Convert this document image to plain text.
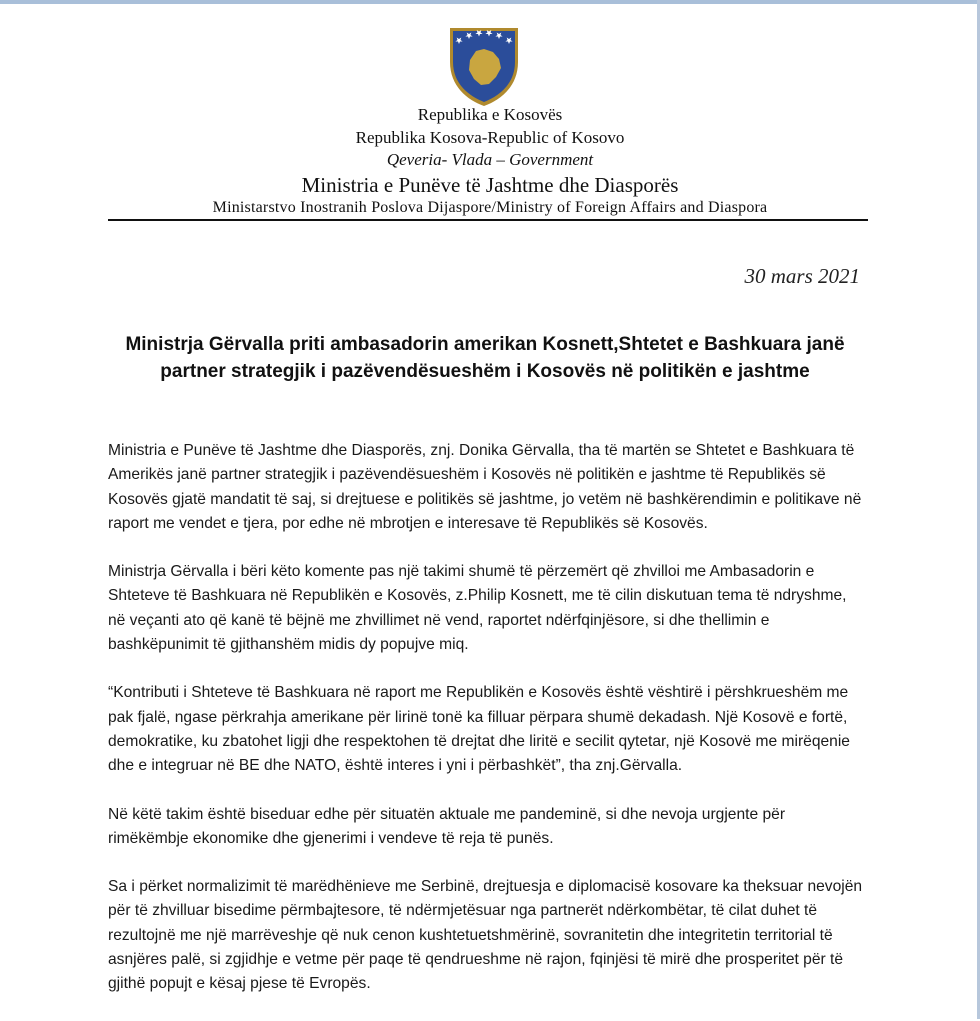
Republika e Kosovës
Republika Kosova-Republic of Kosovo
Qeveria- Vlada – Government
Ministria e Punëve të Jashtme dhe Diasporës
Ministarstvo Inostranih Poslova Dijaspore/Ministry of Foreign Affairs and Diaspora
30 mars 2021
Ministrja Gërvalla priti ambasadorin amerikan Kosnett,Shtetet e Bashkuara janë partner strategjik i pazëvendësueshëm i Kosovës në politikën e jashtme

Ministria e Punëve të Jashtme dhe Diasporës, znj. Donika Gërvalla, tha të martën se Shtetet e Bashkuara të Amerikës janë partner strategjik i pazëvendësueshëm i Kosovës në politikën e jashtme të Republikës së Kosovës gjatë mandatit të saj, si drejtuese e politikës së jashtme, jo vetëm në bashkërendimin e politikave në raport me vendet e tjera, por edhe në mbrotjen e interesave të Republikës së Kosovës.

Ministrja Gërvalla i bëri këto komente pas një takimi shumë të përzemërt që zhvilloi me Ambasadorin e Shteteve të Bashkuara në Republikën e Kosovës, z.Philip Kosnett, me të cilin diskutuan tema të ndryshme, në veçanti ato që kanë të bëjnë me zhvillimet në vend, raportet ndërfqinjësore, si dhe thellimin e bashkëpunimit të gjithanshëm midis dy popujve miq.

“Kontributi i Shteteve të Bashkuara në raport me Republikën e Kosovës është vështirë i përshkrueshëm me pak fjalë, ngase përkrahja amerikane për lirinë tonë ka filluar përpara shumë dekadash. Një Kosovë e fortë, demokratike, ku zbatohet ligji dhe respektohen të drejtat dhe liritë e secilit qytetar, një Kosovë me mirëqenie dhe e integruar në BE dhe NATO, është interes i yni i përbashkët”, tha znj.Gërvalla.

Në këtë takim është biseduar edhe për situatën aktuale me pandeminë, si dhe nevoja urgjente për rimëkëmbje ekonomike dhe gjenerimi i vendeve të reja të punës.

Sa i përket normalizimit të marëdhënieve me Serbinë, drejtuesja e diplomacisë kosovare ka theksuar nevojën për të zhvilluar bisedime përmbajtesore, të ndërmjetësuar nga partnerët ndërkombëtar, të cilat duhet të rezultojnë me një marrëveshje që nuk cenon kushtetuetshmërinë, sovranitetin dhe integritetin territorial të asnjëres palë, si zgjidhje e vetme për paqe të qendrueshme në rajon, fqinjësi të mirë dhe prosperitet për të gjithë popujt e kësaj pjese të Evropës.
